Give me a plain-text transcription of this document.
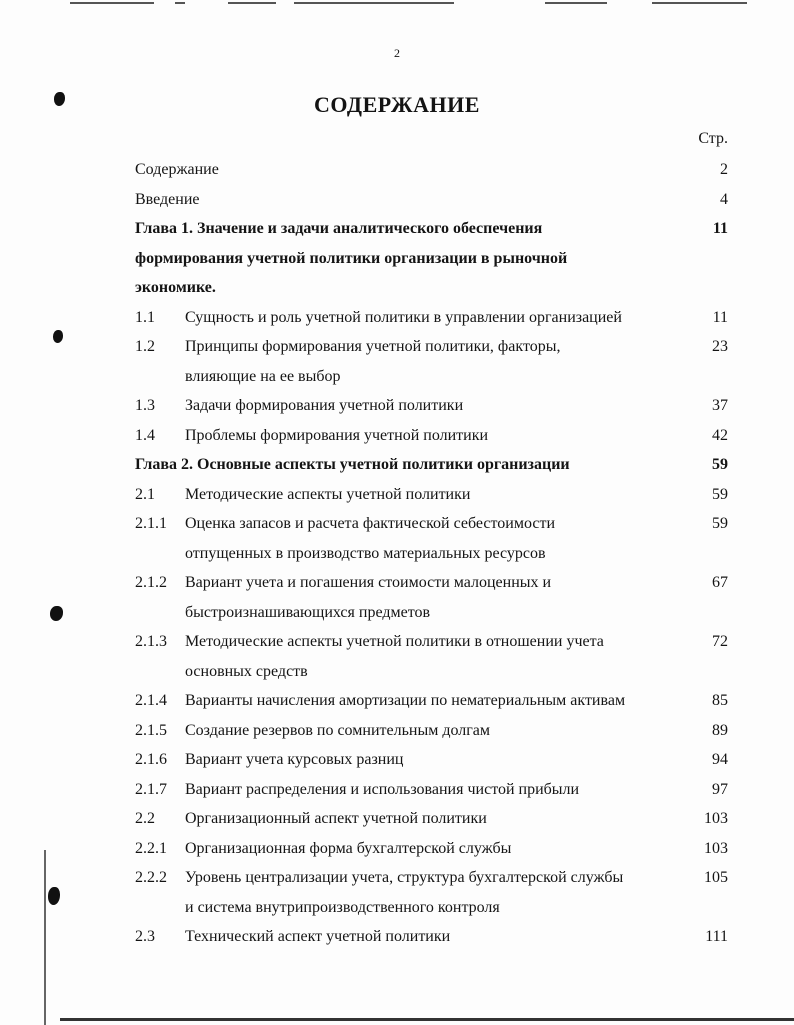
2
СОДЕРЖАНИЕ
Стр.
Содержание	2
Введение	4
Глава 1. Значение и задачи аналитического обеспечения	11
формирования учетной политики организации в рыночной
экономике.
1.1 Сущность и роль учетной политики в управлении организацией	11
1.2 Принципы формирования учетной политики, факторы,	23
влияющие на ее выбор
1.3 Задачи формирования учетной политики	37
1.4 Проблемы формирования учетной политики	42
Глава 2. Основные аспекты учетной политики организации	59
2.1 Методические аспекты учетной политики	59
2.1.1 Оценка запасов и расчета фактической себестоимости	59
отпущенных в производство материальных ресурсов
2.1.2 Вариант учета и погашения стоимости малоценных и	67
быстроизнашивающихся предметов
2.1.3 Методические аспекты учетной политики в отношении учета	72
основных средств
2.1.4 Варианты начисления амортизации по нематериальным активам	85
2.1.5 Создание резервов по сомнительным долгам	89
2.1.6 Вариант учета курсовых разниц	94
2.1.7 Вариант распределения и использования чистой прибыли	97
2.2 Организационный аспект учетной политики	103
2.2.1 Организационная форма бухгалтерской службы	103
2.2.2 Уровень централизации учета, структура бухгалтерской службы	105
и система внутрипроизводственного контроля
2.3 Технический аспект учетной политики	111
